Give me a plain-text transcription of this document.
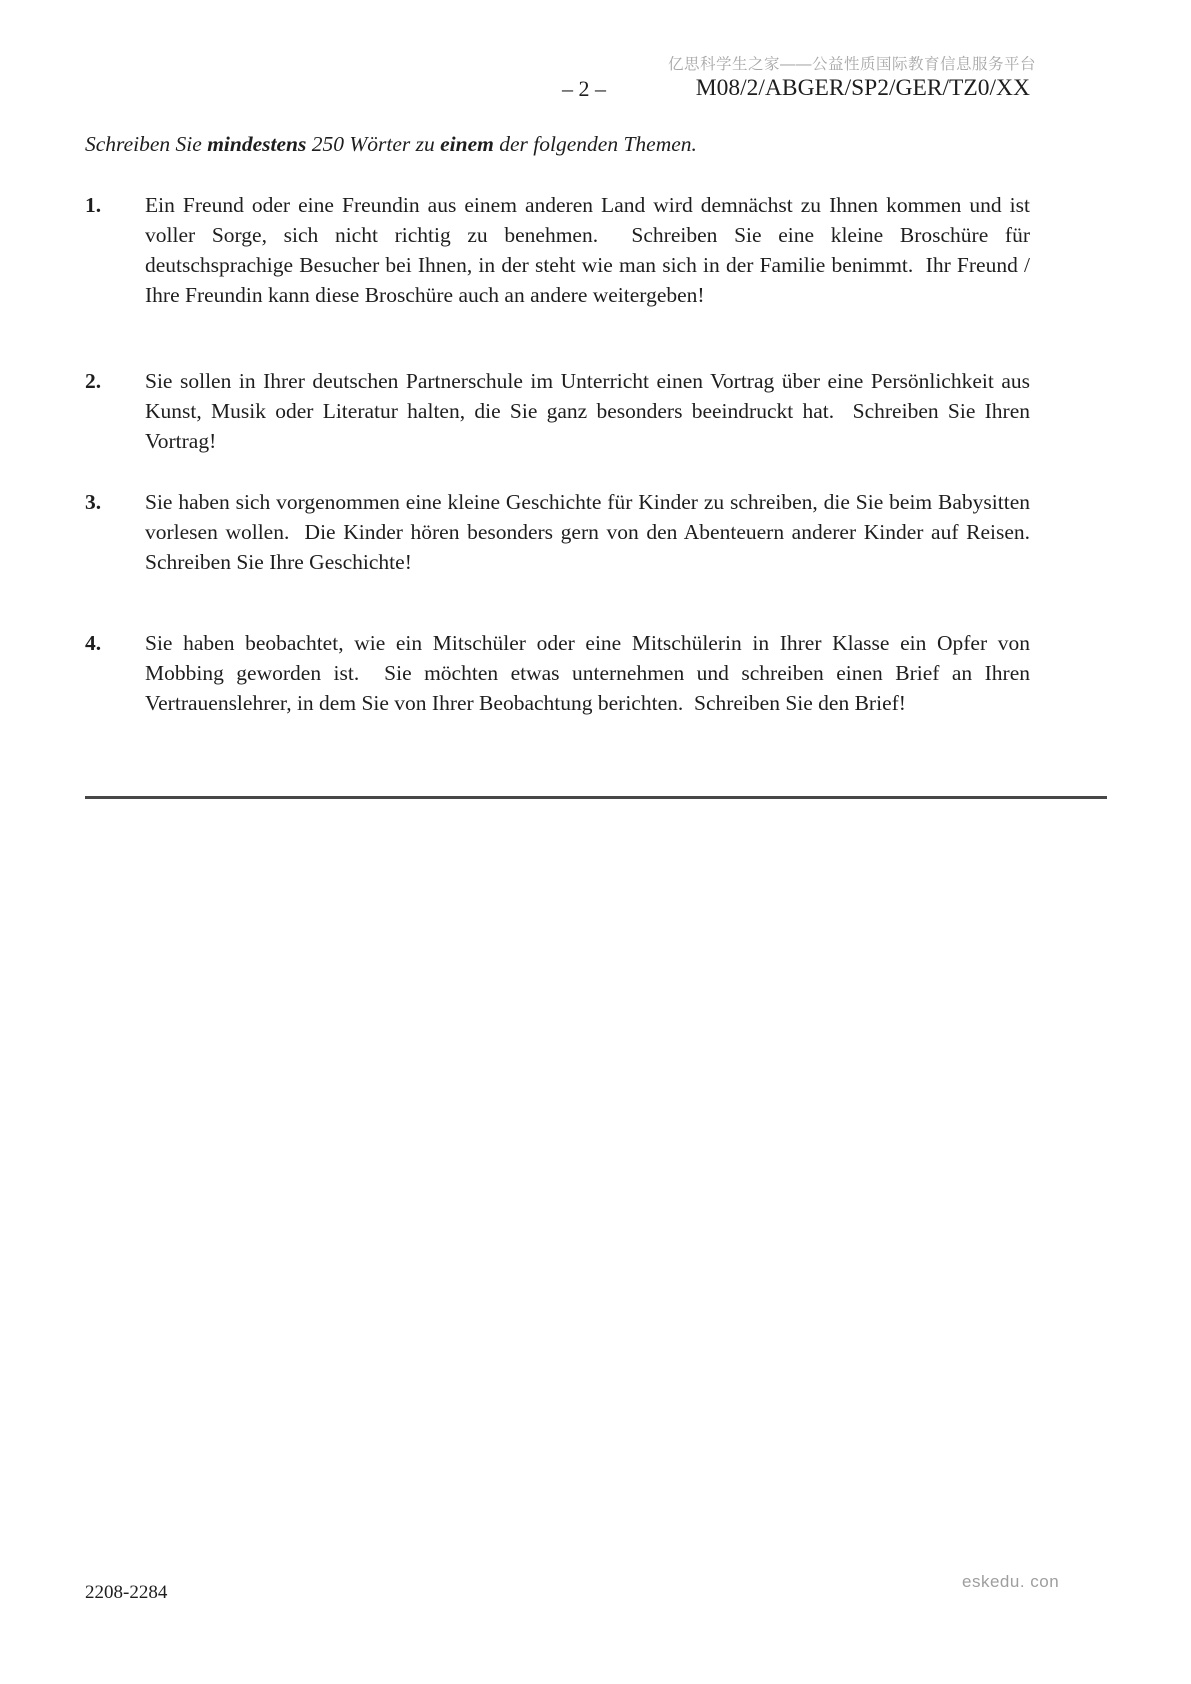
亿思科学生之家——公益性质国际教育信息服务平台
– 2 –	M08/2/ABGER/SP2/GER/TZ0/XX
Schreiben Sie mindestens 250 Wörter zu einem der folgenden Themen.
1. Ein Freund oder eine Freundin aus einem anderen Land wird demnächst zu Ihnen kommen und ist voller Sorge, sich nicht richtig zu benehmen.  Schreiben Sie eine kleine Broschüre für deutschsprachige Besucher bei Ihnen, in der steht wie man sich in der Familie benimmt.  Ihr Freund / Ihre Freundin kann diese Broschüre auch an andere weitergeben!
2. Sie sollen in Ihrer deutschen Partnerschule im Unterricht einen Vortrag über eine Persönlichkeit aus Kunst, Musik oder Literatur halten, die Sie ganz besonders beeindruckt hat.  Schreiben Sie Ihren Vortrag!
3. Sie haben sich vorgenommen eine kleine Geschichte für Kinder zu schreiben, die Sie beim Babysitten vorlesen wollen.  Die Kinder hören besonders gern von den Abenteuern anderer Kinder auf Reisen.  Schreiben Sie Ihre Geschichte!
4. Sie haben beobachtet, wie ein Mitschüler oder eine Mitschülerin in Ihrer Klasse ein Opfer von Mobbing geworden ist.  Sie möchten etwas unternehmen und schreiben einen Brief an Ihren Vertrauenslehrer, in dem Sie von Ihrer Beobachtung berichten.  Schreiben Sie den Brief!
2208-2284
eskedu. con
